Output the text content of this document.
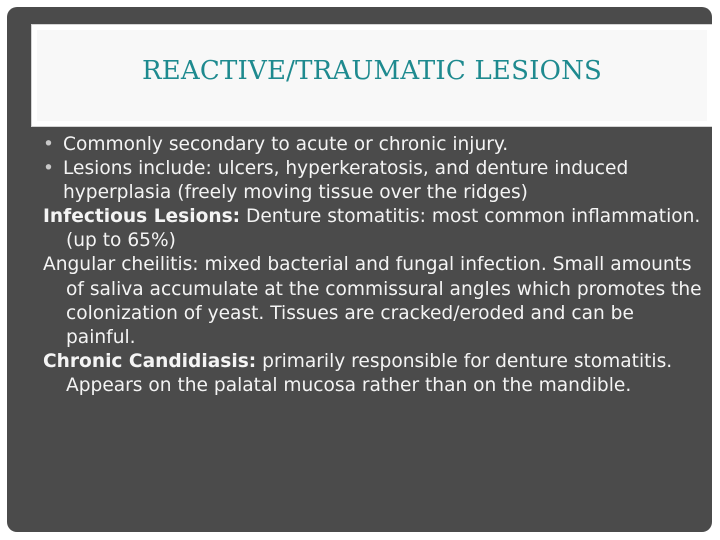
REACTIVE/TRAUMATIC LESIONS
• Commonly secondary to acute or chronic injury.
• Lesions include: ulcers, hyperkeratosis, and denture induced hyperplasia (freely moving tissue over the ridges)
Infectious Lesions: Denture stomatitis: most common inflammation. (up to 65%)
Angular cheilitis: mixed bacterial and fungal infection. Small amounts of saliva accumulate at the commissural angles which promotes the colonization of yeast. Tissues are cracked/eroded and can be painful.
Chronic Candidiasis: primarily responsible for denture stomatitis. Appears on the palatal mucosa rather than on the mandible.
